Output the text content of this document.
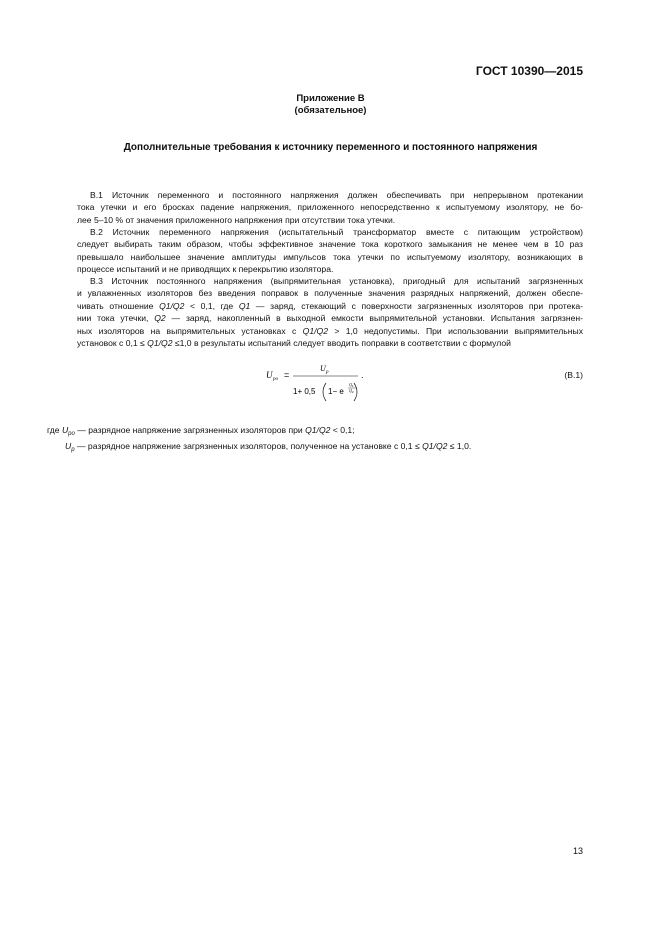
ГОСТ 10390—2015
Приложение В
(обязательное)
Дополнительные требования к источнику переменного и постоянного напряжения
В.1 Источник переменного и постоянного напряжения должен обеспечивать при непрерывном протекании
тока утечки и его бросках падение напряжения, приложенного непосредственно к испытуемому изолятору, не бо-
лее 5–10 % от значения приложенного напряжения при отсутствии тока утечки.
В.2 Источник переменного напряжения (испытательный трансформатор вместе с питающим устройством)
следует выбирать таким образом, чтобы эффективное значение тока короткого замыкания не менее чем в 10 раз
превышало наибольшее значение амплитуды импульсов тока утечки по испытуемому изолятору, возникающих в
процессе испытаний и не приводящих к перекрытию изолятора.
В.3 Источник постоянного напряжения (выпрямительная установка), пригодный для испытаний загрязненных
и увлажненных изоляторов без введения поправок в полученные значения разрядных напряжений, должен обеспе-
чивать отношение Q1/Q2 < 0,1, где Q1 — заряд, стекающий с поверхности загрязненных изоляторов при протека-
нии тока утечки, Q2 — заряд, накопленный в выходной емкости выпрямительной установки. Испытания загрязнен-
ных изоляторов на выпрямительных установках с Q1/Q2 > 1,0 недопустимы. При использовании выпрямительных
установок с 0,1 ≤ Q1/Q2 ≤1,0 в результаты испытаний следует вводить поправки в соответствии с формулой
U po =
U p	.
1+ 0,5 1− e
Q 1
Q 2
(В.1)
где $U_{po}$ — разрядное напряжение загрязненных изоляторов при Q1/Q2 < 0,1;
$U_p$ — разрядное напряжение загрязненных изоляторов, полученное на установке с 0,1 ≤ Q1/Q2 ≤ 1,0.
13
